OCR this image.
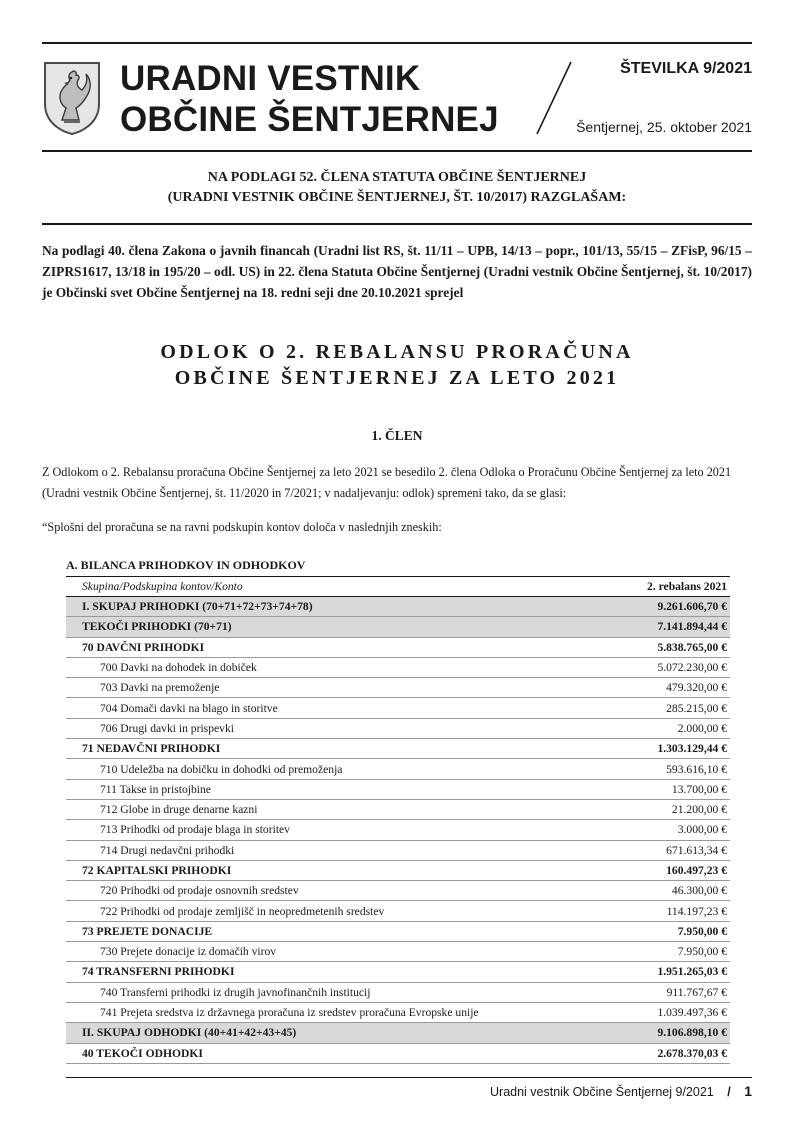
URADNI VESTNIK
OBČINE ŠENTJERNEJ
ŠTEVILKA 9/2021
Šentjernej, 25. oktober 2021
NA PODLAGI 52. ČLENA STATUTA OBČINE ŠENTJERNEJ
(URADNI VESTNIK OBČINE ŠENTJERNEJ, ŠT. 10/2017) RAZGLAŠAM:
Na podlagi 40. člena Zakona o javnih financah (Uradni list RS, št. 11/11 – UPB, 14/13 – popr., 101/13, 55/15 – ZFisP, 96/15 – ZIPRS1617, 13/18 in 195/20 – odl. US) in 22. člena Statuta Občine Šentjernej (Uradni vestnik Občine Šentjernej, št. 10/2017) je Občinski svet Občine Šentjernej na 18. redni seji dne 20.10.2021 sprejel
ODLOK O 2. REBALANSU PRORAČUNA
OBČINE ŠENTJERNEJ ZA LETO 2021
1. ČLEN
Z Odlokom o 2. Rebalansu proračuna Občine Šentjernej za leto 2021 se besedilo 2. člena Odloka o Proračunu Občine Šentjernej za leto 2021 (Uradni vestnik Občine Šentjernej, št. 11/2020 in 7/2021; v nadaljevanju: odlok) spremeni tako, da se glasi:
“Splošni del proračuna se na ravni podskupin kontov določa v naslednjih zneskih:
A. BILANCA PRIHODKOV IN ODHODKOV
Skupina/Podskupina kontov/Konto	2. rebalans 2021
I. SKUPAJ PRIHODKI (70+71+72+73+74+78)	9.261.606,70 €
TEKOČI PRIHODKI (70+71)	7.141.894,44 €
70 DAVČNI PRIHODKI	5.838.765,00 €
700 Davki na dohodek in dobiček	5.072.230,00 €
703 Davki na premoženje	479.320,00 €
704 Domači davki na blago in storitve	285.215,00 €
706 Drugi davki in prispevki	2.000,00 €
71 NEDAVČNI PRIHODKI	1.303.129,44 €
710 Udeležba na dobičku in dohodki od premoženja	593.616,10 €
711 Takse in pristojbine	13.700,00 €
712 Globe in druge denarne kazni	21.200,00 €
713 Prihodki od prodaje blaga in storitev	3.000,00 €
714 Drugi nedavčni prihodki	671.613,34 €
72 KAPITALSKI PRIHODKI	160.497,23 €
720 Prihodki od prodaje osnovnih sredstev	46.300,00 €
722 Prihodki od prodaje zemljišč in neopredmetenih sredstev	114.197,23 €
73 PREJETE DONACIJE	7.950,00 €
730 Prejete donacije iz domačih virov	7.950,00 €
74 TRANSFERNI PRIHODKI	1.951.265,03 €
740 Transferni prihodki iz drugih javnofinančnih institucij	911.767,67 €
741 Prejeta sredstva iz državnega proračuna iz sredstev proračuna Evropske unije	1.039.497,36 €
II. SKUPAJ ODHODKI (40+41+42+43+45)	9.106.898,10 €
40 TEKOČI ODHODKI	2.678.370,03 €
Uradni vestnik Občine Šentjernej 9/2021 / 1
